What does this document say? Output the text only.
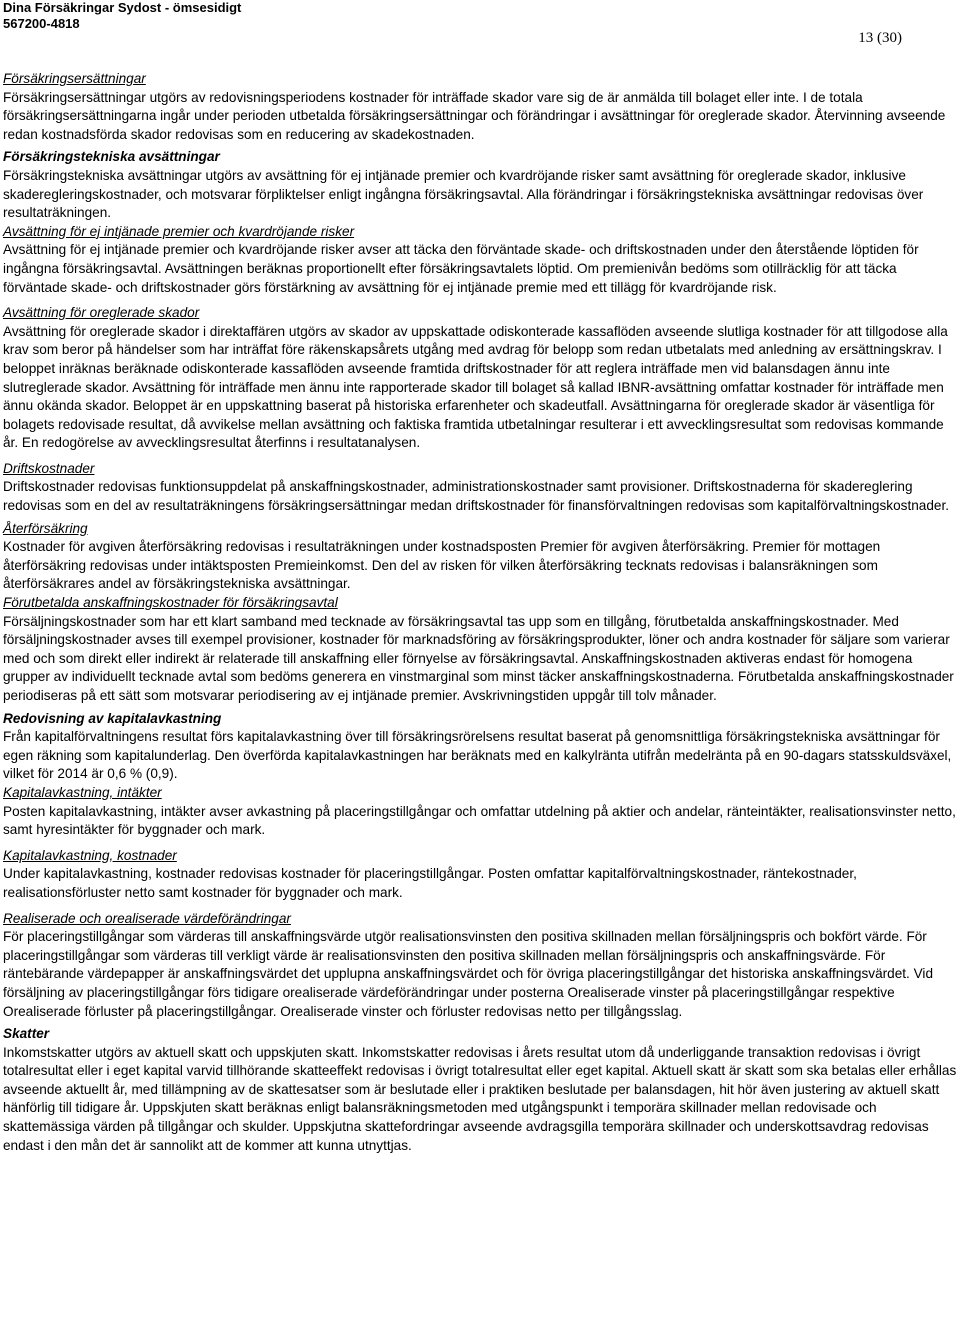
Dina Försäkringar Sydost - ömsesidigt
567200-4818
13 (30)

Försäkringsersättningar

Försäkringsersättningar utgörs av redovisningsperiodens kostnader för inträffade skador vare sig de är anmälda till bolaget eller inte. I de totala försäkringsersättningarna ingår under perioden utbetalda försäkringsersättningar och förändringar i avsättningar för oreglerade skador. Återvinning avseende redan kostnadsförda skador redovisas som en reducering av skadekostnaden.

Försäkringstekniska avsättningar

Försäkringstekniska avsättningar utgörs av avsättning för ej intjänade premier och kvardröjande risker samt avsättning för oreglerade skador, inklusive skaderegleringskostnader, och motsvarar förpliktelser enligt ingångna försäkringsavtal. Alla förändringar i försäkringstekniska avsättningar redovisas över resultaträkningen.

Avsättning för ej intjänade premier och kvardröjande risker

Avsättning för ej intjänade premier och kvardröjande risker avser att täcka den förväntade skade- och driftskostnaden under den återstående löptiden för ingångna försäkringsavtal. Avsättningen beräknas proportionellt efter försäkringsavtalets löptid. Om premienivån bedöms som otillräcklig för att täcka förväntade skade- och driftskostnader görs förstärkning av avsättning för ej intjänade premie med ett tillägg för kvardröjande risk.

Avsättning för oreglerade skador

Avsättning för oreglerade skador i direktaffären utgörs av skador av uppskattade odiskonterade kassaflöden avseende slutliga kostnader för att tillgodose alla krav som beror på händelser som har inträffat före räkenskapsårets utgång med avdrag för belopp som redan utbetalats med anledning av ersättningskrav. I beloppet inräknas beräknade odiskonterade kassaflöden avseende framtida driftskostnader för att reglera inträffade men vid balansdagen ännu inte slutreglerade skador. Avsättning för inträffade men ännu inte rapporterade skador till bolaget så kallad IBNR-avsättning omfattar kostnader för inträffade men ännu okända skador. Beloppet är en uppskattning baserat på historiska erfarenheter och skadeutfall. Avsättningarna för oreglerade skador är väsentliga för bolagets redovisade resultat, då avvikelse mellan avsättning och faktiska framtida utbetalningar resulterar i ett avvecklingsresultat som redovisas kommande år. En redogörelse av avvecklingsresultat återfinns i resultatanalysen.

Driftskostnader

Driftskostnader redovisas funktionsuppdelat på anskaffningskostnader, administrationskostnader samt provisioner. Driftskostnaderna för skadereglering redovisas som en del av resultaträkningens försäkringsersättningar medan driftskostnader för finansförvaltningen redovisas som kapitalförvaltningskostnader.

Återförsäkring

Kostnader för avgiven återförsäkring redovisas i resultaträkningen under kostnadsposten Premier för avgiven återförsäkring. Premier för mottagen återförsäkring redovisas under intäktsposten Premieinkomst. Den del av risken för vilken återförsäkring tecknats redovisas i balansräkningen som återförsäkrares andel av försäkringstekniska avsättningar.

Förutbetalda anskaffningskostnader för försäkringsavtal

Försäljningskostnader som har ett klart samband med tecknade av försäkringsavtal tas upp som en tillgång, förutbetalda anskaffningskostnader. Med försäljningskostnader avses till exempel provisioner, kostnader för marknadsföring av försäkringsprodukter, löner och andra kostnader för säljare som varierar med och som direkt eller indirekt är relaterade till anskaffning eller förnyelse av försäkringsavtal. Anskaffningskostnaden aktiveras endast för homogena grupper av individuellt tecknade avtal som bedöms generera en vinstmarginal som minst täcker anskaffningskostnaderna. Förutbetalda anskaffningskostnader periodiseras på ett sätt som motsvarar periodisering av ej intjänade premier. Avskrivningstiden uppgår till tolv månader.

Redovisning av kapitalavkastning

Från kapitalförvaltningens resultat förs kapitalavkastning över till försäkringsrörelsens resultat baserat på genomsnittliga försäkringstekniska avsättningar för egen räkning som kapitalunderlag. Den överförda kapitalavkastningen har beräknats med en kalkylränta utifrån medelränta på en 90-dagars statsskuldsväxel, vilket för 2014 är 0,6 % (0,9).

Kapitalavkastning, intäkter

Posten kapitalavkastning, intäkter avser avkastning på placeringstillgångar och omfattar utdelning på aktier och andelar, ränteintäkter, realisationsvinster netto, samt hyresintäkter för byggnader och mark.

Kapitalavkastning, kostnader

Under kapitalavkastning, kostnader redovisas kostnader för placeringstillgångar. Posten omfattar kapitalförvaltningskostnader, räntekostnader, realisationsförluster netto samt kostnader för byggnader och mark.

Realiserade och orealiserade värdeförändringar

För placeringstillgångar som värderas till anskaffningsvärde utgör realisationsvinsten den positiva skillnaden mellan försäljningspris och bokfört värde. För placeringstillgångar som värderas till verkligt värde är realisationsvinsten den positiva skillnaden mellan försäljningspris och anskaffningsvärde. För räntebärande värdepapper är anskaffningsvärdet det upplupna anskaffningsvärdet och för övriga placeringstillgångar det historiska anskaffningsvärdet. Vid försäljning av placeringstillgångar förs tidigare orealiserade värdeförändringar under posterna Orealiserade vinster på placeringstillgångar respektive Orealiserade förluster på placeringstillgångar. Orealiserade vinster och förluster redovisas netto per tillgångsslag.

Skatter

Inkomstskatter utgörs av aktuell skatt och uppskjuten skatt. Inkomstskatter redovisas i årets resultat utom då underliggande transaktion redovisas i övrigt totalresultat eller i eget kapital varvid tillhörande skatteeffekt redovisas i övrigt totalresultat eller eget kapital. Aktuell skatt är skatt som ska betalas eller erhållas avseende aktuellt år, med tillämpning av de skattesatser som är beslutade eller i praktiken beslutade per balansdagen, hit hör även justering av aktuell skatt hänförlig till tidigare år. Uppskjuten skatt beräknas enligt balansräkningsmetoden med utgångspunkt i temporära skillnader mellan redovisade och skattemässiga värden på tillgångar och skulder. Uppskjutna skattefordringar avseende avdragsgilla temporära skillnader och underskottsavdrag redovisas endast i den mån det är sannolikt att de kommer att kunna utnyttjas.
